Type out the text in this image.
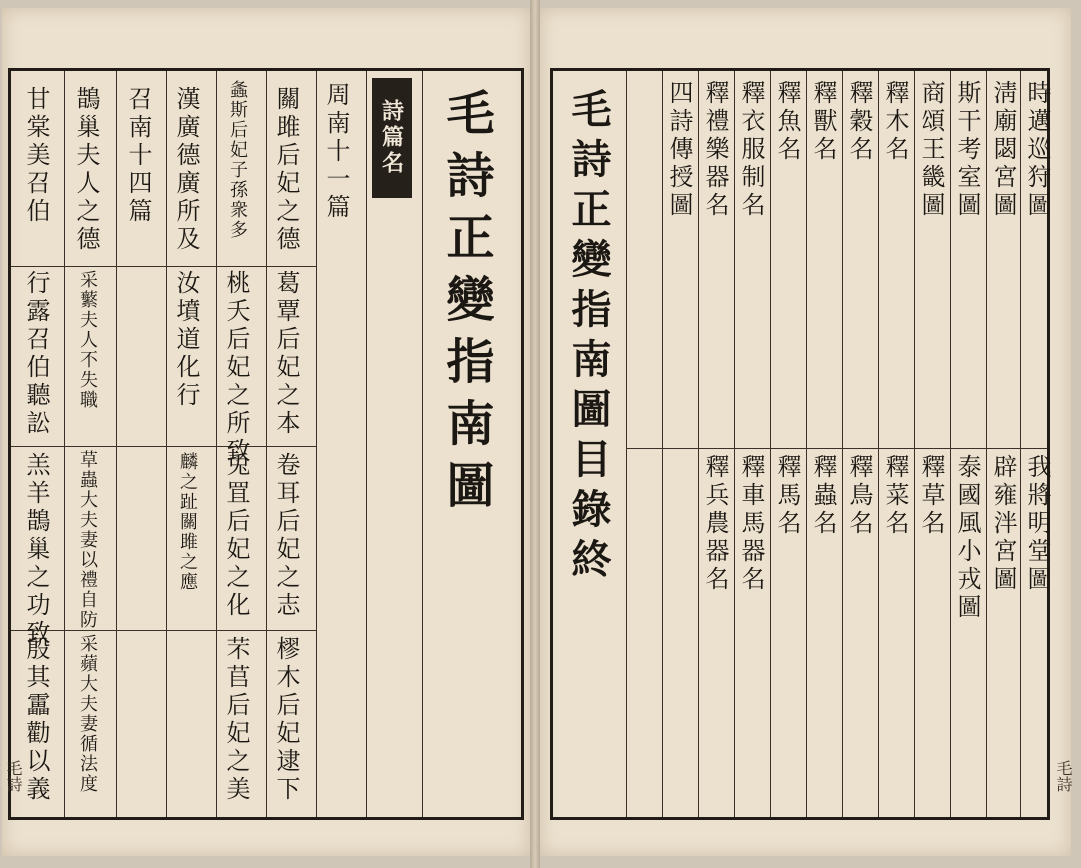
毛詩正變指南圖
詩篇名
周南十一篇
關雎后妃之德
葛覃后妃之本
卷耳后妃之志
樛木后妃逮下
螽斯后妃子孫衆多
桃夭后妃之所致
兎罝后妃之化
芣苢后妃之美
漢廣德廣所及
汝墳道化行
麟之趾關雎之應
召南十四篇
鵲巢夫人之德
采蘩夫人不失職
草蟲大夫妻以禮自防
采蘋大夫妻循法度
甘棠美召伯
行露召伯聽訟
羔羊鵲巢之功致
殷其靁勸以義
毛詩
毛詩正變指南圖目錄終	時邁巡狩圖
淸廟閟宮圖
斯干考室圖
商頌王畿圖
釋木名
釋穀名
釋獸名
釋魚名
釋衣服制名
釋禮樂器名
四詩傳授圖
我將明堂圖
辟雍泮宮圖
泰國風小戎圖
釋草名
釋菜名
釋鳥名
釋蟲名
釋馬名
釋車馬器名
釋兵農器名
毛詩
